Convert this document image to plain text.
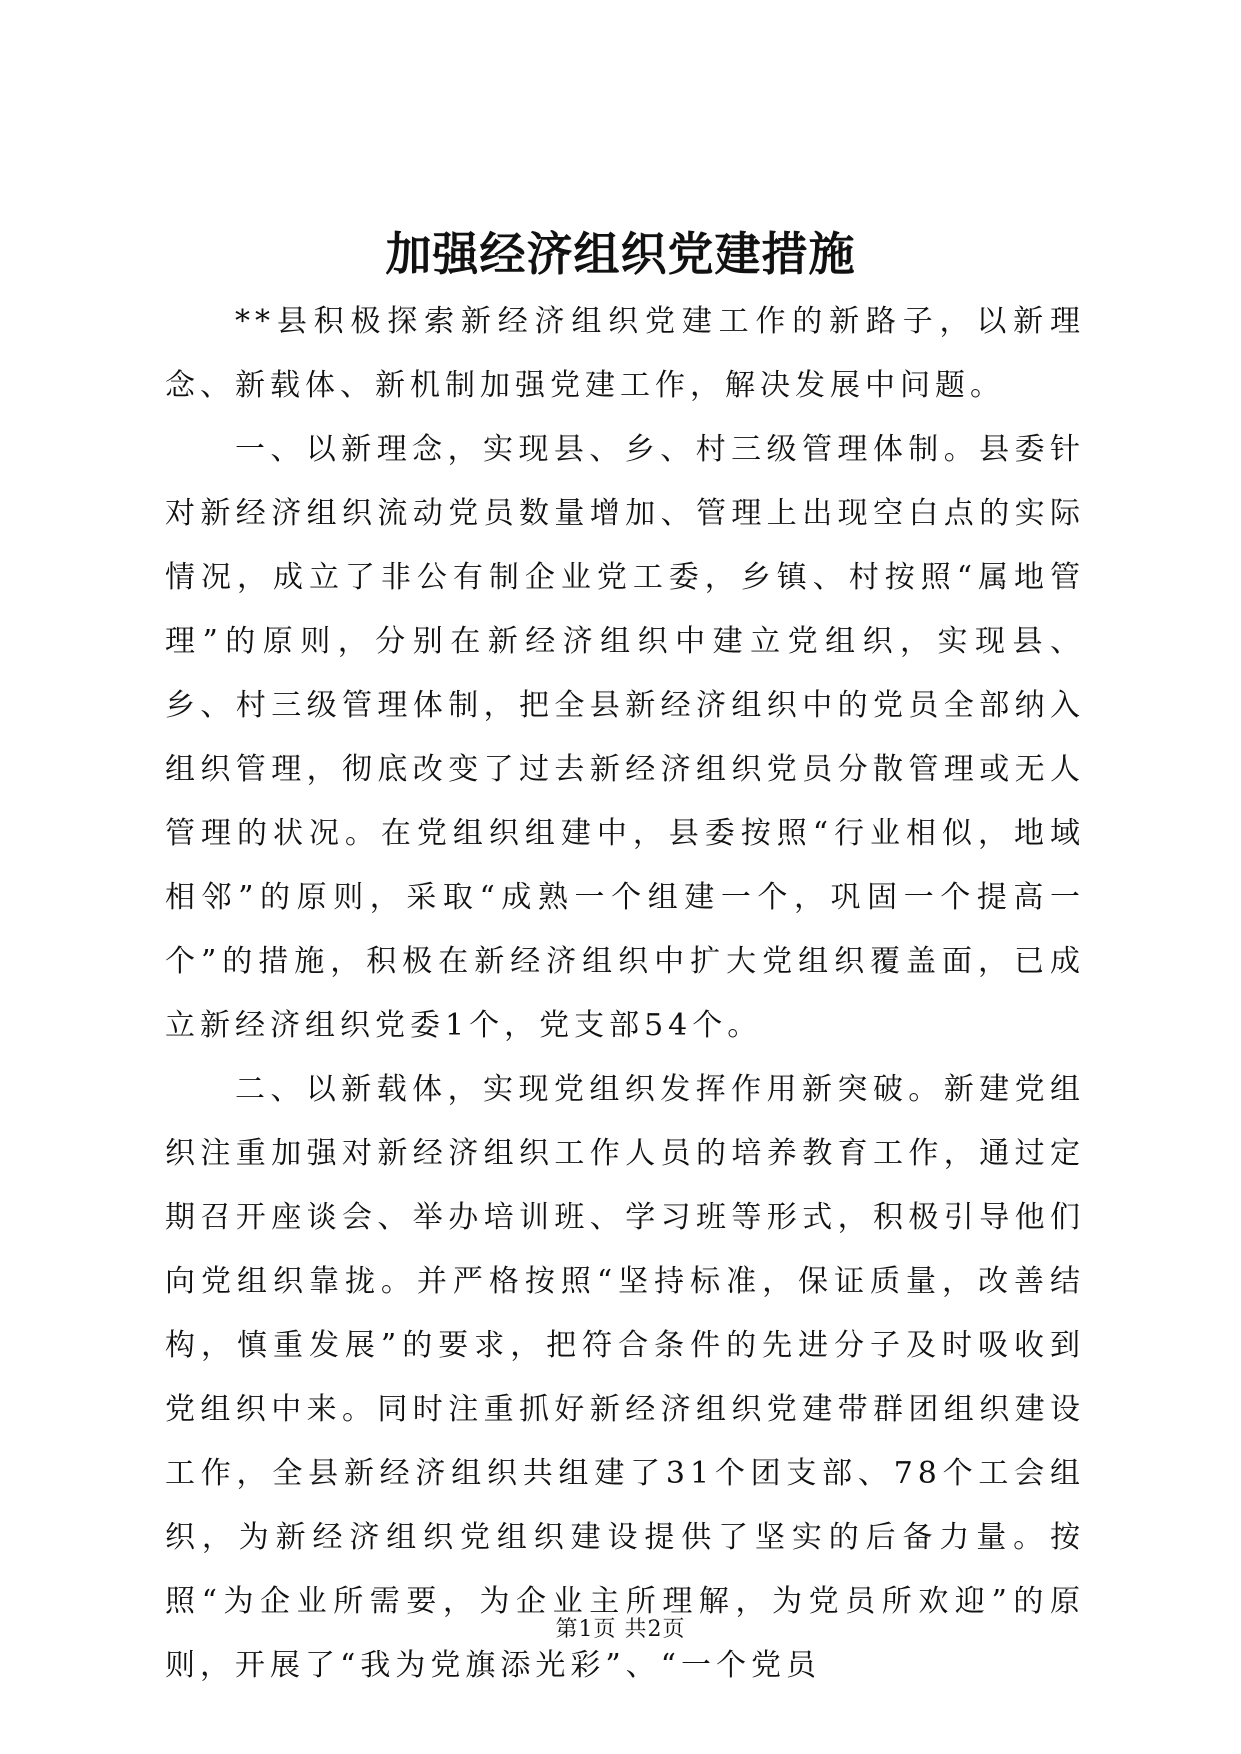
加强经济组织党建措施

**县积极探索新经济组织党建工作的新路子，以新理念、新载体、新机制加强党建工作，解决发展中问题。

一、以新理念，实现县、乡、村三级管理体制。县委针对新经济组织流动党员数量增加、管理上出现空白点的实际情况，成立了非公有制企业党工委，乡镇、村按照“属地管理”的原则，分别在新经济组织中建立党组织，实现县、乡、村三级管理体制，把全县新经济组织中的党员全部纳入组织管理，彻底改变了过去新经济组织党员分散管理或无人管理的状况。在党组织组建中，县委按照“行业相似，地域相邻”的原则，采取“成熟一个组建一个，巩固一个提高一个”的措施，积极在新经济组织中扩大党组织覆盖面，已成立新经济组织党委1个，党支部54个。

二、以新载体，实现党组织发挥作用新突破。新建党组织注重加强对新经济组织工作人员的培养教育工作，通过定期召开座谈会、举办培训班、学习班等形式，积极引导他们向党组织靠拢。并严格按照“坚持标准，保证质量，改善结构，慎重发展”的要求，把符合条件的先进分子及时吸收到党组织中来。同时注重抓好新经济组织党建带群团组织建设工作，全县新经济组织共组建了31个团支部、78个工会组织，为新经济组织党组织建设提供了坚实的后备力量。按照“为企业所需要，为企业主所理解，为党员所欢迎”的原则，开展了“我为党旗添光彩”、“一个党员

第1页 共2页
